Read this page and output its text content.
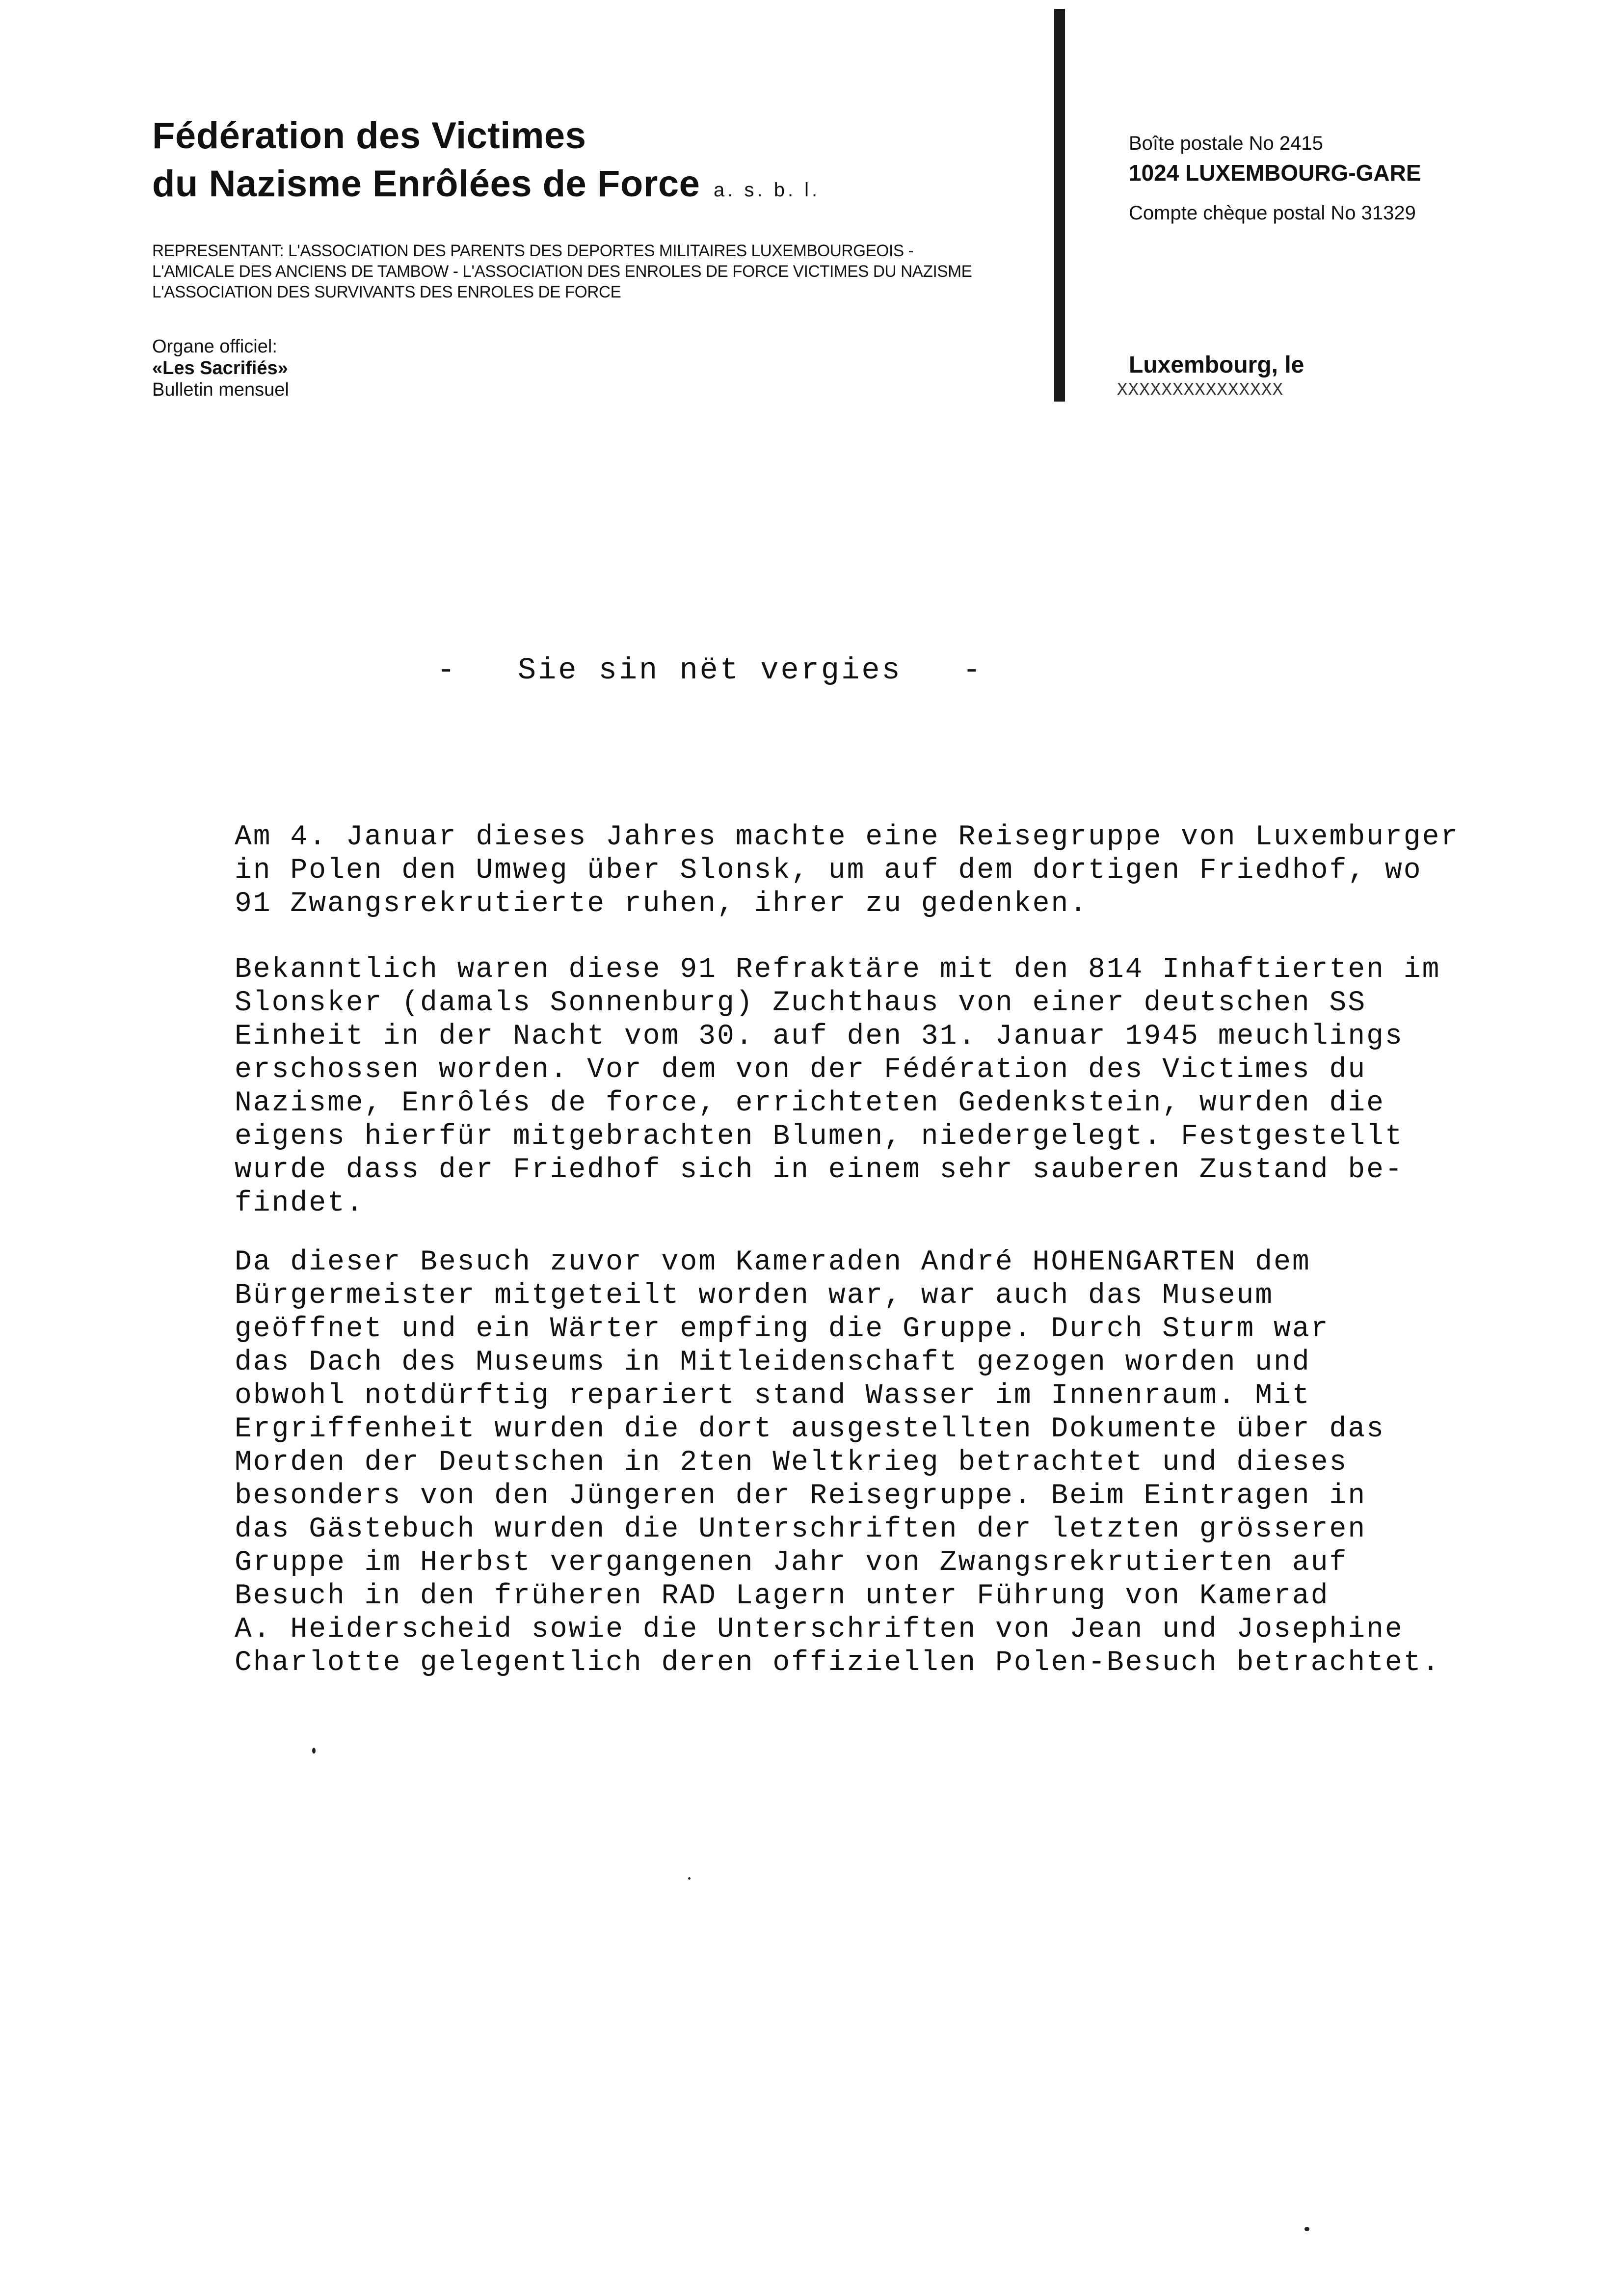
Fédération des Victimes
du Nazisme Enrôlées de Force a. s. b. l.
REPRESENTANT: L'ASSOCIATION DES PARENTS DES DEPORTES MILITAIRES LUXEMBOURGEOIS -
L'AMICALE DES ANCIENS DE TAMBOW - L'ASSOCIATION DES ENROLES DE FORCE VICTIMES DU NAZISME
L'ASSOCIATION DES SURVIVANTS DES ENROLES DE FORCE
Organe officiel:
«Les Sacrifiés»
Bulletin mensuel
Boîte postale No 2415
1024 LUXEMBOURG-GARE
Compte chèque postal No 31329
Luxembourg, le
XXXXXXXXXXXXXXX
-   Sie sin nët vergies   -
Am 4. Januar dieses Jahres machte eine Reisegruppe von Luxemburger
in Polen den Umweg über Slonsk, um auf dem dortigen Friedhof, wo
91 Zwangsrekrutierte ruhen, ihrer zu gedenken.
Bekanntlich waren diese 91 Refraktäre mit den 814 Inhaftierten im
Slonsker (damals Sonnenburg) Zuchthaus von einer deutschen SS
Einheit in der Nacht vom 30. auf den 31. Januar 1945 meuchlings
erschossen worden. Vor dem von der Fédération des Victimes du
Nazisme, Enrôlés de force, errichteten Gedenkstein, wurden die
eigens hierfür mitgebrachten Blumen, niedergelegt. Festgestellt
wurde dass der Friedhof sich in einem sehr sauberen Zustand be-
findet.
Da dieser Besuch zuvor vom Kameraden André HOHENGARTEN dem
Bürgermeister mitgeteilt worden war, war auch das Museum
geöffnet und ein Wärter empfing die Gruppe. Durch Sturm war
das Dach des Museums in Mitleidenschaft gezogen worden und
obwohl notdürftig repariert stand Wasser im Innenraum. Mit
Ergriffenheit wurden die dort ausgestellten Dokumente über das
Morden der Deutschen in 2ten Weltkrieg betrachtet und dieses
besonders von den Jüngeren der Reisegruppe. Beim Eintragen in
das Gästebuch wurden die Unterschriften der letzten grösseren
Gruppe im Herbst vergangenen Jahr von Zwangsrekrutierten auf
Besuch in den früheren RAD Lagern unter Führung von Kamerad
A. Heiderscheid sowie die Unterschriften von Jean und Josephine
Charlotte gelegentlich deren offiziellen Polen-Besuch betrachtet.
